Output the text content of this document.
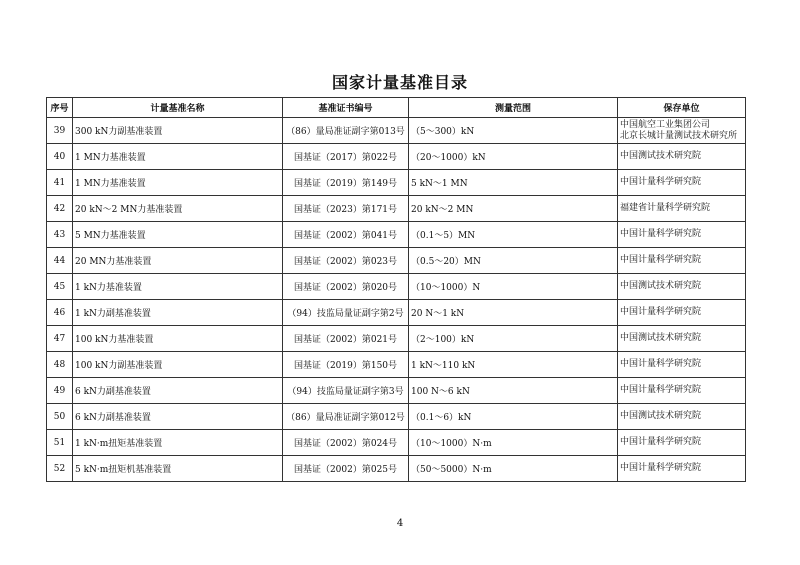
国家计量基准目录
序号	计量基准名称	基准证书编号	测量范围	保存单位
39	300 kN力副基准装置	（86）量局准证副字第013号	（5～300）kN	中国航空工业集团公司
北京长城计量测试技术研究所

40	1 MN力基准装置	国基证（2017）第022号	（20～1000）kN	中国测试技术研究院

41	1 MN力基准装置	国基证（2019）第149号	5 kN～1 MN	中国计量科学研究院

42	20 kN～2 MN力基准装置	国基证（2023）第171号	20 kN～2 MN	福建省计量科学研究院

43	5 MN力基准装置	国基证（2002）第041号	（0.1～5）MN	中国计量科学研究院

44	20 MN力基准装置	国基证（2002）第023号	（0.5～20）MN	中国计量科学研究院

45	1 kN力基准装置	国基证（2002）第020号	（10～1000）N	中国测试技术研究院

46	1 kN力副基准装置	（94）技监局量证副字第2号	20 N～1 kN	中国计量科学研究院

47	100 kN力基准装置	国基证（2002）第021号	（2～100）kN	中国测试技术研究院

48	100 kN力副基准装置	国基证（2019）第150号	1 kN～110 kN	中国计量科学研究院

49	6 kN力副基准装置	（94）技监局量证副字第3号	100 N～6 kN	中国计量科学研究院

50	6 kN力副基准装置	（86）量局准证副字第012号	（0.1～6）kN	中国测试技术研究院

51	1 kN·m扭矩基准装置	国基证（2002）第024号	（10～1000）N·m	中国计量科学研究院

52	5 kN·m扭矩机基准装置	国基证（2002）第025号	（50～5000）N·m	中国计量科学研究院
4
